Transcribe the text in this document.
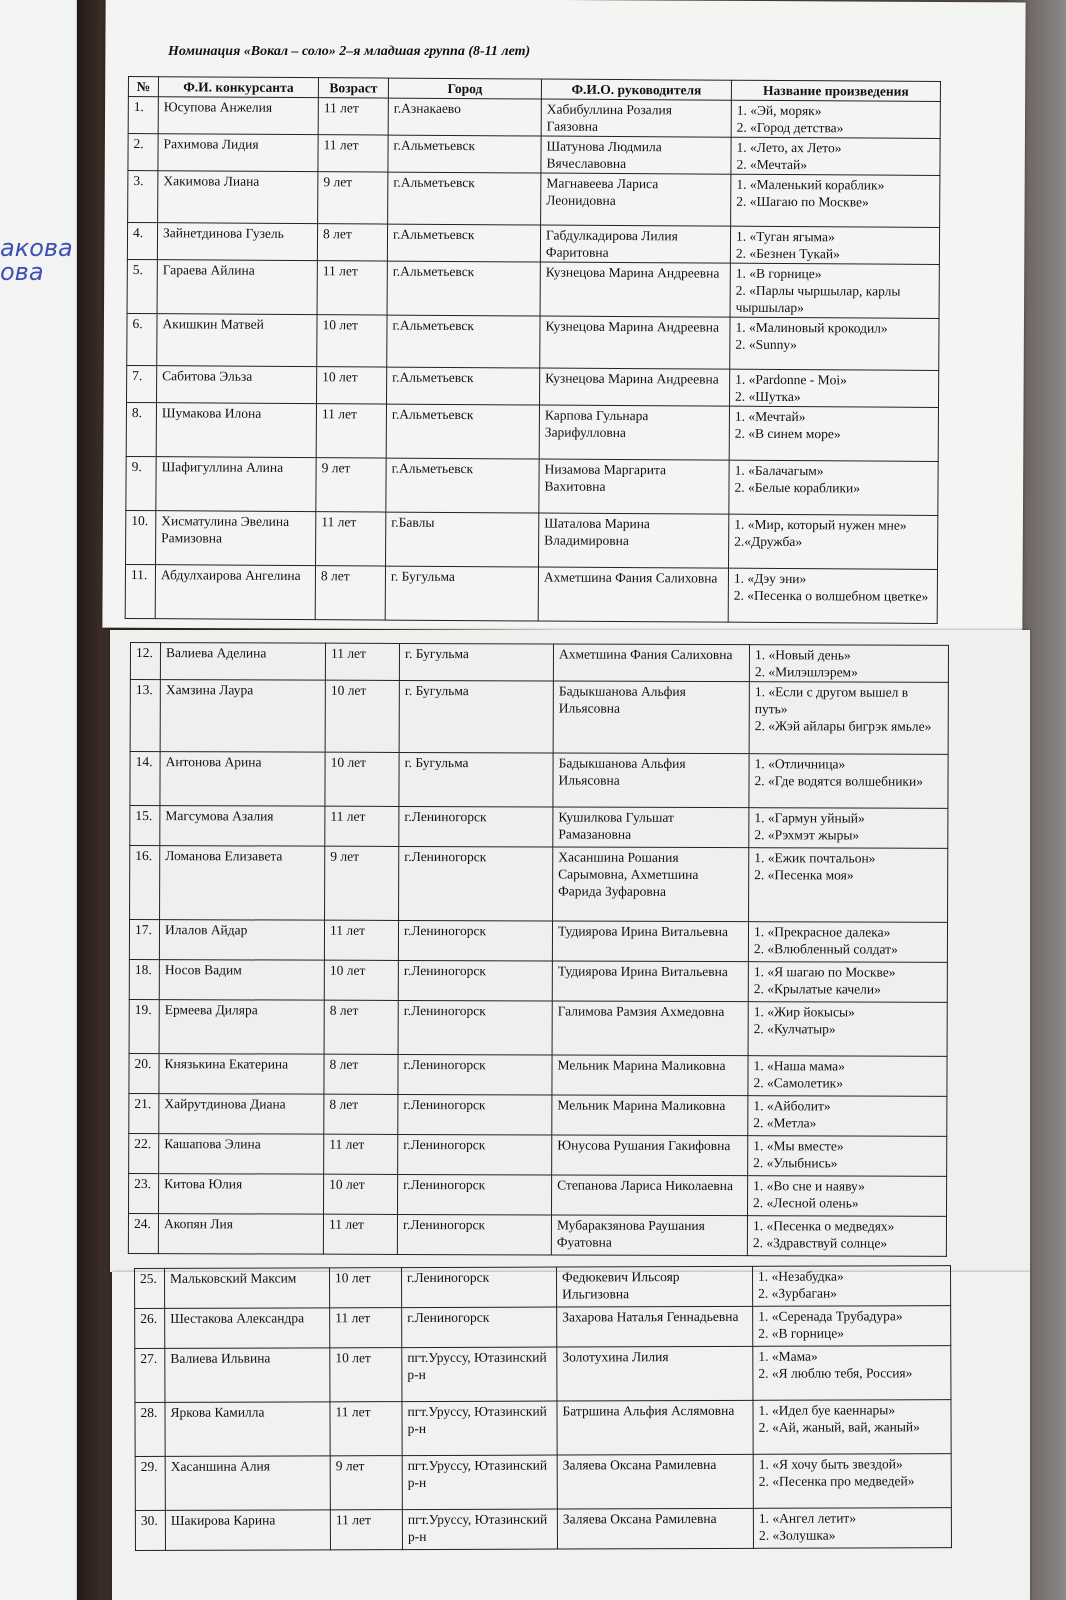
акова
ова
Номинация «Вокал – соло» 2–я младшая группа (8-11 лет)
№	Ф.И. конкурсанта	Возраст	Город	Ф.И.О. руководителя	Название произведения
1.	Юсупова Анжелия	11 лет	г.Азнакаево	Хабибуллина Розалия Гаязовна	1. «Эй, моряк»
2. «Город детства»

2.	Рахимова Лидия	11 лет	г.Альметьевск	Шатунова Людмила Вячеславовна	1. «Лето, ах Лето»
2. «Мечтай»

3.	Хакимова Лиана	9 лет	г.Альметьевск	Магнавеева Лариса Леонидовна	1. «Маленький кораблик»
2. «Шагаю по Москве»

4.	Зайнетдинова Гузель	8 лет	г.Альметьевск	Габдулкадирова Лилия Фаритовна	1. «Туган ягыма»
2. «Безнен Тукай»

5.	Гараева Айлина	11 лет	г.Альметьевск	Кузнецова Марина Андреевна	1. «В горнице»
2. «Парлы чыршылар, карлы чыршылар»

6.	Акишкин Матвей	10 лет	г.Альметьевск	Кузнецова Марина Андреевна	1. «Малиновый крокодил»
2. «Sunny»

7.	Сабитова Эльза	10 лет	г.Альметьевск	Кузнецова Марина Андреевна	1. «Pardonne - Moi»
2. «Шутка»

8.	Шумакова Илона	11 лет	г.Альметьевск	Карпова Гульнара Зарифулловна	1. «Мечтай»
2. «В синем море»

9.	Шафигуллина Алина	9 лет	г.Альметьевск	Низамова Маргарита Вахитовна	1. «Балачагым»
2. «Белые кораблики»

10.	Хисматулина Эвелина Рамизовна	11 лет	г.Бавлы	Шаталова Марина Владимировна	1. «Мир, который нужен мне»
2.«Дружба»

11.	Абдулхаирова Ангелина	8 лет	г. Бугульма	Ахметшина Фания Салиховна	1. «Дэу эни»
2. «Песенка о волшебном цветке»
12.	Валиева Аделина	11 лет	г. Бугульма	Ахметшина Фания Салиховна	1. «Новый день»
2. «Милэшлэрем»

13.	Хамзина Лаура	10 лет	г. Бугульма	Бадыкшанова Альфия Ильясовна	1. «Если с другом вышел в путь»
2. «Жэй айлары бигрэк ямьле»

14.	Антонова Арина	10 лет	г. Бугульма	Бадыкшанова Альфия Ильясовна	1. «Отличница»
2. «Где водятся волшебники»

15.	Магсумова Азалия	11 лет	г.Лениногорск	Кушилкова Гульшат Рамазановна	1. «Гармун уйный»
2. «Рэхмэт жыры»

16.	Ломанова Елизавета	9 лет	г.Лениногорск	Хасаншина Рошания Сарымовна, Ахметшина Фарида Зуфаровна	1. «Ежик почтальон»
2. «Песенка моя»

17.	Илалов Айдар	11 лет	г.Лениногорск	Тудиярова Ирина Витальевна	1. «Прекрасное далека»
2. «Влюбленный солдат»

18.	Носов Вадим	10 лет	г.Лениногорск	Тудиярова Ирина Витальевна	1. «Я шагаю по Москве»
2. «Крылатые качели»

19.	Ермеева Диляра	8 лет	г.Лениногорск	Галимова Рамзия Ахмедовна	1. «Жир йокысы»
2. «Кулчатыр»

20.	Князькина Екатерина	8 лет	г.Лениногорск	Мельник Марина Маликовна	1. «Наша мама»
2. «Самолетик»

21.	Хайрутдинова Диана	8 лет	г.Лениногорск	Мельник Марина Маликовна	1. «Айболит»
2. «Метла»

22.	Кашапова Элина	11 лет	г.Лениногорск	Юнусова Рушания Гакифовна	1. «Мы вместе»
2. «Улыбнись»

23.	Китова Юлия	10 лет	г.Лениногорск	Степанова Лариса Николаевна	1. «Во сне и наяву»
2. «Лесной олень»

24.	Акопян Лия	11 лет	г.Лениногорск	Мубаракзянова Раушания Фуатовна	1. «Песенка о медведях»
2. «Здравствуй солнце»
25.	Мальковский Максим	10 лет	г.Лениногорск	Федюкевич Ильсояр Ильгизовна	1. «Незабудка»
2. «Зурбаган»

26.	Шестакова Александра	11 лет	г.Лениногорск	Захарова Наталья Геннадьевна	1. «Серенада Трубадура»
2. «В горнице»

27.	Валиева Ильвина	10 лет	пгт.Уруссу, Ютазинский р-н	Золотухина Лилия	1. «Мама»
2. «Я люблю тебя, Россия»

28.	Яркова Камилла	11 лет	пгт.Уруссу, Ютазинский р-н	Батршина Альфия Аслямовна	1. «Идел буе каеннары»
2. «Ай, жаный, вай, жаный»

29.	Хасаншина Алия	9 лет	пгт.Уруссу, Ютазинский р-н	Заляева Оксана Рамилевна	1. «Я хочу быть звездой»
2. «Песенка про медведей»

30.	Шакирова Карина	11 лет	пгт.Уруссу, Ютазинский р-н	Заляева Оксана Рамилевна	1. «Ангел летит»
2. «Золушка»
